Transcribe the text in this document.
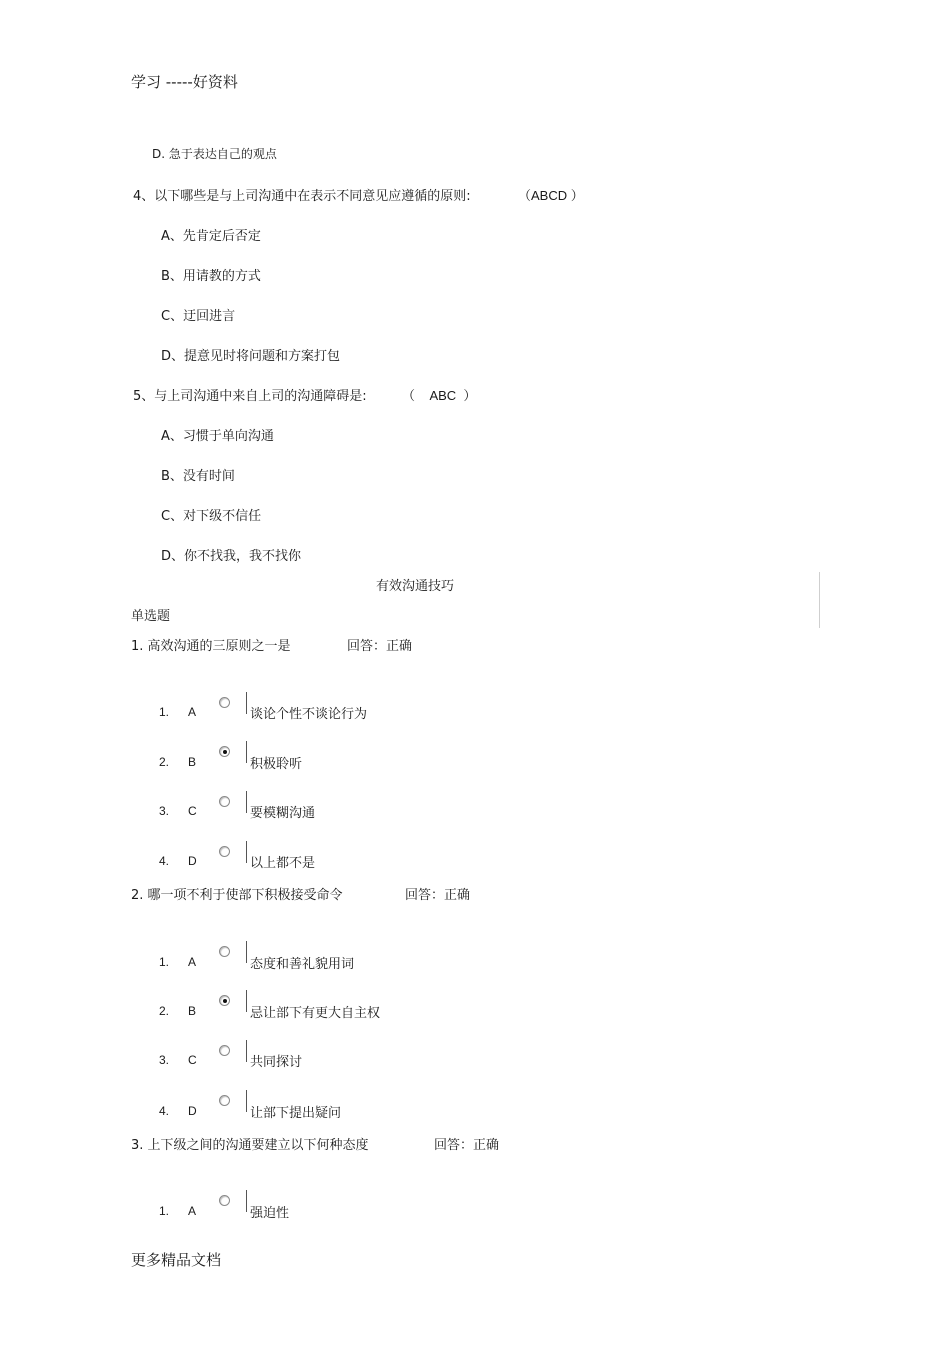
学习 -----好资料
D. 急于表达自己的观点
4、以下哪些是与上司沟通中在表示不同意见应遵循的原则:	（ABCD ）
A、先肯定后否定
B、用请教的方式
C、迂回进言
D、提意见时将问题和方案打包
5、与上司沟通中来自上司的沟通障碍是:	（    ABC  ）
A、习惯于单向沟通
B、没有时间
C、对下级不信任
D、你不找我，我不找你
有效沟通技巧
单选题
1. 高效沟通的三原则之一是	回答：正确
1. A	谈论个性不谈论行为
2. B	积极聆听
3. C	要模糊沟通
4. D	以上都不是
2. 哪一项不利于使部下积极接受命令	回答：正确
1. A	态度和善礼貌用词
2. B	忌让部下有更大自主权
3. C	共同探讨
4. D	让部下提出疑问
3. 上下级之间的沟通要建立以下何种态度	回答：正确
1. A	强迫性
更多精品文档
